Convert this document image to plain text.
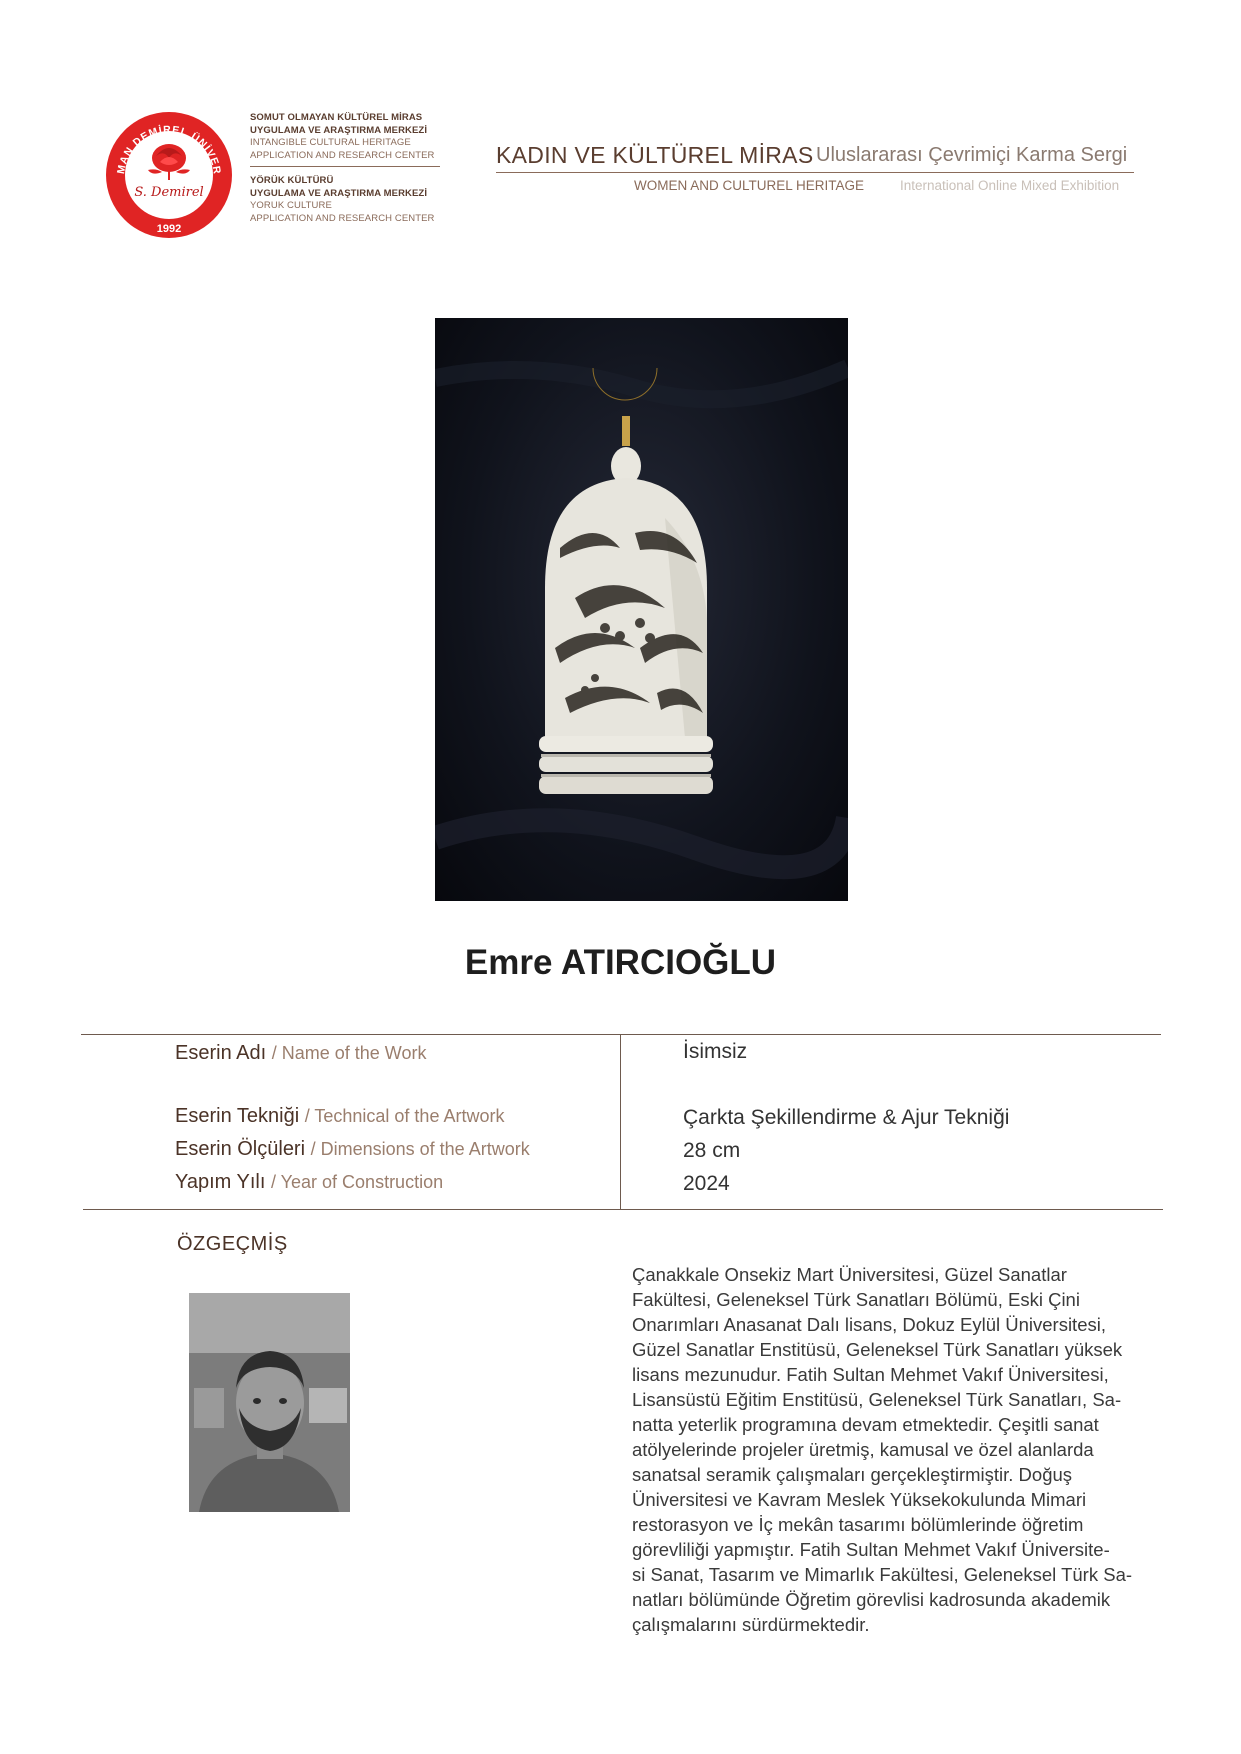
MAN DEMİREL ÜNİVER
S. Demirel
1992
SOMUT OLMAYAN KÜLTÜREL MİRAS
UYGULAMA VE ARAŞTIRMA MERKEZİ
INTANGIBLE CULTURAL HERITAGE
APPLICATION AND RESEARCH CENTER
YÖRÜK KÜLTÜRÜ
UYGULAMA VE ARAŞTIRMA MERKEZİ
YORUK CULTURE
APPLICATION AND RESEARCH CENTER
KADIN VE KÜLTÜREL MİRAS Uluslararası Çevrimiçi Karma Sergi
WOMEN AND CULTUREL HERITAGE	International Online Mixed Exhibition
Emre ATIRCIOĞLU
Eserin Adı / Name of the Work	İsimsiz
Eserin Tekniği / Technical of the Artwork	Çarkta Şekillendirme & Ajur Tekniği
Eserin Ölçüleri / Dimensions of the Artwork	28 cm
Yapım Yılı / Year of Construction	2024
ÖZGEÇMİŞ
Çanakkale Onsekiz Mart Üniversitesi, Güzel Sanatlar
Fakültesi, Geleneksel Türk Sanatları Bölümü, Eski Çini
Onarımları Anasanat Dalı lisans, Dokuz Eylül Üniversitesi,
Güzel Sanatlar Enstitüsü, Geleneksel Türk Sanatları yüksek
lisans mezunudur. Fatih Sultan Mehmet Vakıf Üniversitesi,
Lisansüstü Eğitim Enstitüsü, Geleneksel Türk Sanatları, Sa-
natta yeterlik programına devam etmektedir. Çeşitli sanat
atölyelerinde projeler üretmiş, kamusal ve özel alanlarda
sanatsal seramik çalışmaları gerçekleştirmiştir. Doğuş
Üniversitesi ve Kavram Meslek Yüksekokulunda Mimari
restorasyon ve İç mekân tasarımı bölümlerinde öğretim
görevliliği yapmıştır. Fatih Sultan Mehmet Vakıf Üniversite-
si Sanat, Tasarım ve Mimarlık Fakültesi, Geleneksel Türk Sa-
natları bölümünde Öğretim görevlisi kadrosunda akademik
çalışmalarını sürdürmektedir.
